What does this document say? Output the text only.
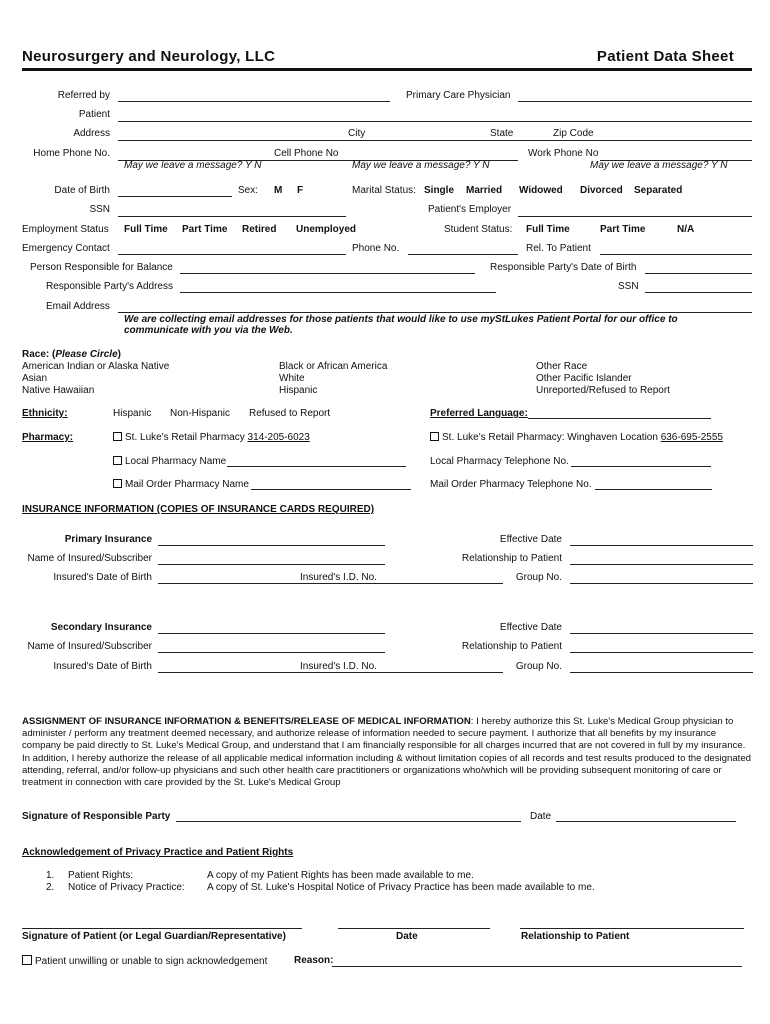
Neurosurgery and Neurology, LLC	Patient Data Sheet
Referred by	Primary Care Physician
Patient
Address	City	State	Zip Code
Home Phone No.	Cell Phone No	Work Phone No
May we leave a message? Y N	May we leave a message? Y N	May we leave a message? Y N
Date of Birth	Sex: M F	Marital Status: Single Married Widowed Divorced Separated
SSN	Patient's Employer
Employment Status Full Time Part Time Retired Unemployed	Student Status: Full Time	Part Time	N/A
Emergency Contact	Phone No.	Rel. To Patient
Person Responsible for Balance	Responsible Party's Date of Birth
Responsible Party's Address	SSN
Email Address
We are collecting email addresses for those patients that would like to use myStLukes Patient Portal for our office to
communicate with you via the Web.
Race: (Please Circle)
American Indian or Alaska Native
Asian
Native Hawaiian
Black or African America
White
Hispanic
Other Race
Other Pacific Islander
Unreported/Refused to Report
Ethnicity:	Hispanic Non-Hispanic Refused to Report	Preferred Language:
Pharmacy:	St. Luke's Retail Pharmacy 314-205-6023	St. Luke's Retail Pharmacy: Winghaven Location 636-695-2555
Local Pharmacy Name	Local Pharmacy Telephone No.
Mail Order Pharmacy Name	Mail Order Pharmacy Telephone No.
INSURANCE INFORMATION (COPIES OF INSURANCE CARDS REQUIRED)
Primary Insurance	Effective Date
Name of Insured/Subscriber	Relationship to Patient
Insured's Date of Birth	Insured's I.D. No.	Group No.
Secondary Insurance	Effective Date
Name of Insured/Subscriber	Relationship to Patient
Insured's Date of Birth	Insured's I.D. No.	Group No.
ASSIGNMENT OF INSURANCE INFORMATION & BENEFITS/RELEASE OF MEDICAL INFORMATION: I hereby authorize this St. Luke's Medical Group physician to administer / perform any treatment deemed necessary, and authorize release of information needed to secure payment. I authorize that all benefits by my insurance company be paid directly to St. Luke's Medical Group, and understand that I am financially responsible for all charges incurred that are not covered in full by my insurance. In addition, I hereby authorize the release of all applicable medical information including & without limitation copies of all records and test results produced to the designated attending, referral, and/or follow-up physicians and such other health care practitioners or organizations who/which will be providing subsequent monitoring of care or treatment in connection with care provided by the St. Luke's Medical Group
Signature of Responsible Party	Date
Acknowledgement of Privacy Practice and Patient Rights
1. Patient Rights:	A copy of my Patient Rights has been made available to me.
2. Notice of Privacy Practice: A copy of St. Luke's Hospital Notice of Privacy Practice has been made available to me.
Signature of Patient (or Legal Guardian/Representative)	Date	Relationship to Patient
Patient unwilling or unable to sign acknowledgement	Reason:
